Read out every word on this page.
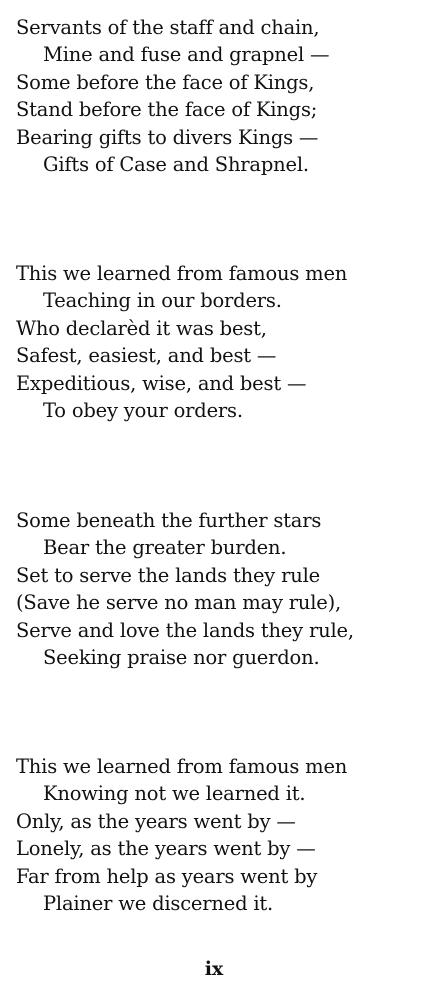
Servants of the staff and chain,
Mine and fuse and grapnel —
Some before the face of Kings,
Stand before the face of Kings;
Bearing gifts to divers Kings —
Gifts of Case and Shrapnel.
This we learned from famous men
Teaching in our borders.
Who declarèd it was best,
Safest, easiest, and best —
Expeditious, wise, and best —
To obey your orders.
Some beneath the further stars
Bear the greater burden.
Set to serve the lands they rule
(Save he serve no man may rule),
Serve and love the lands they rule,
Seeking praise nor guerdon.
This we learned from famous men
Knowing not we learned it.
Only, as the years went by —
Lonely, as the years went by —
Far from help as years went by
Plainer we discerned it.
ix
